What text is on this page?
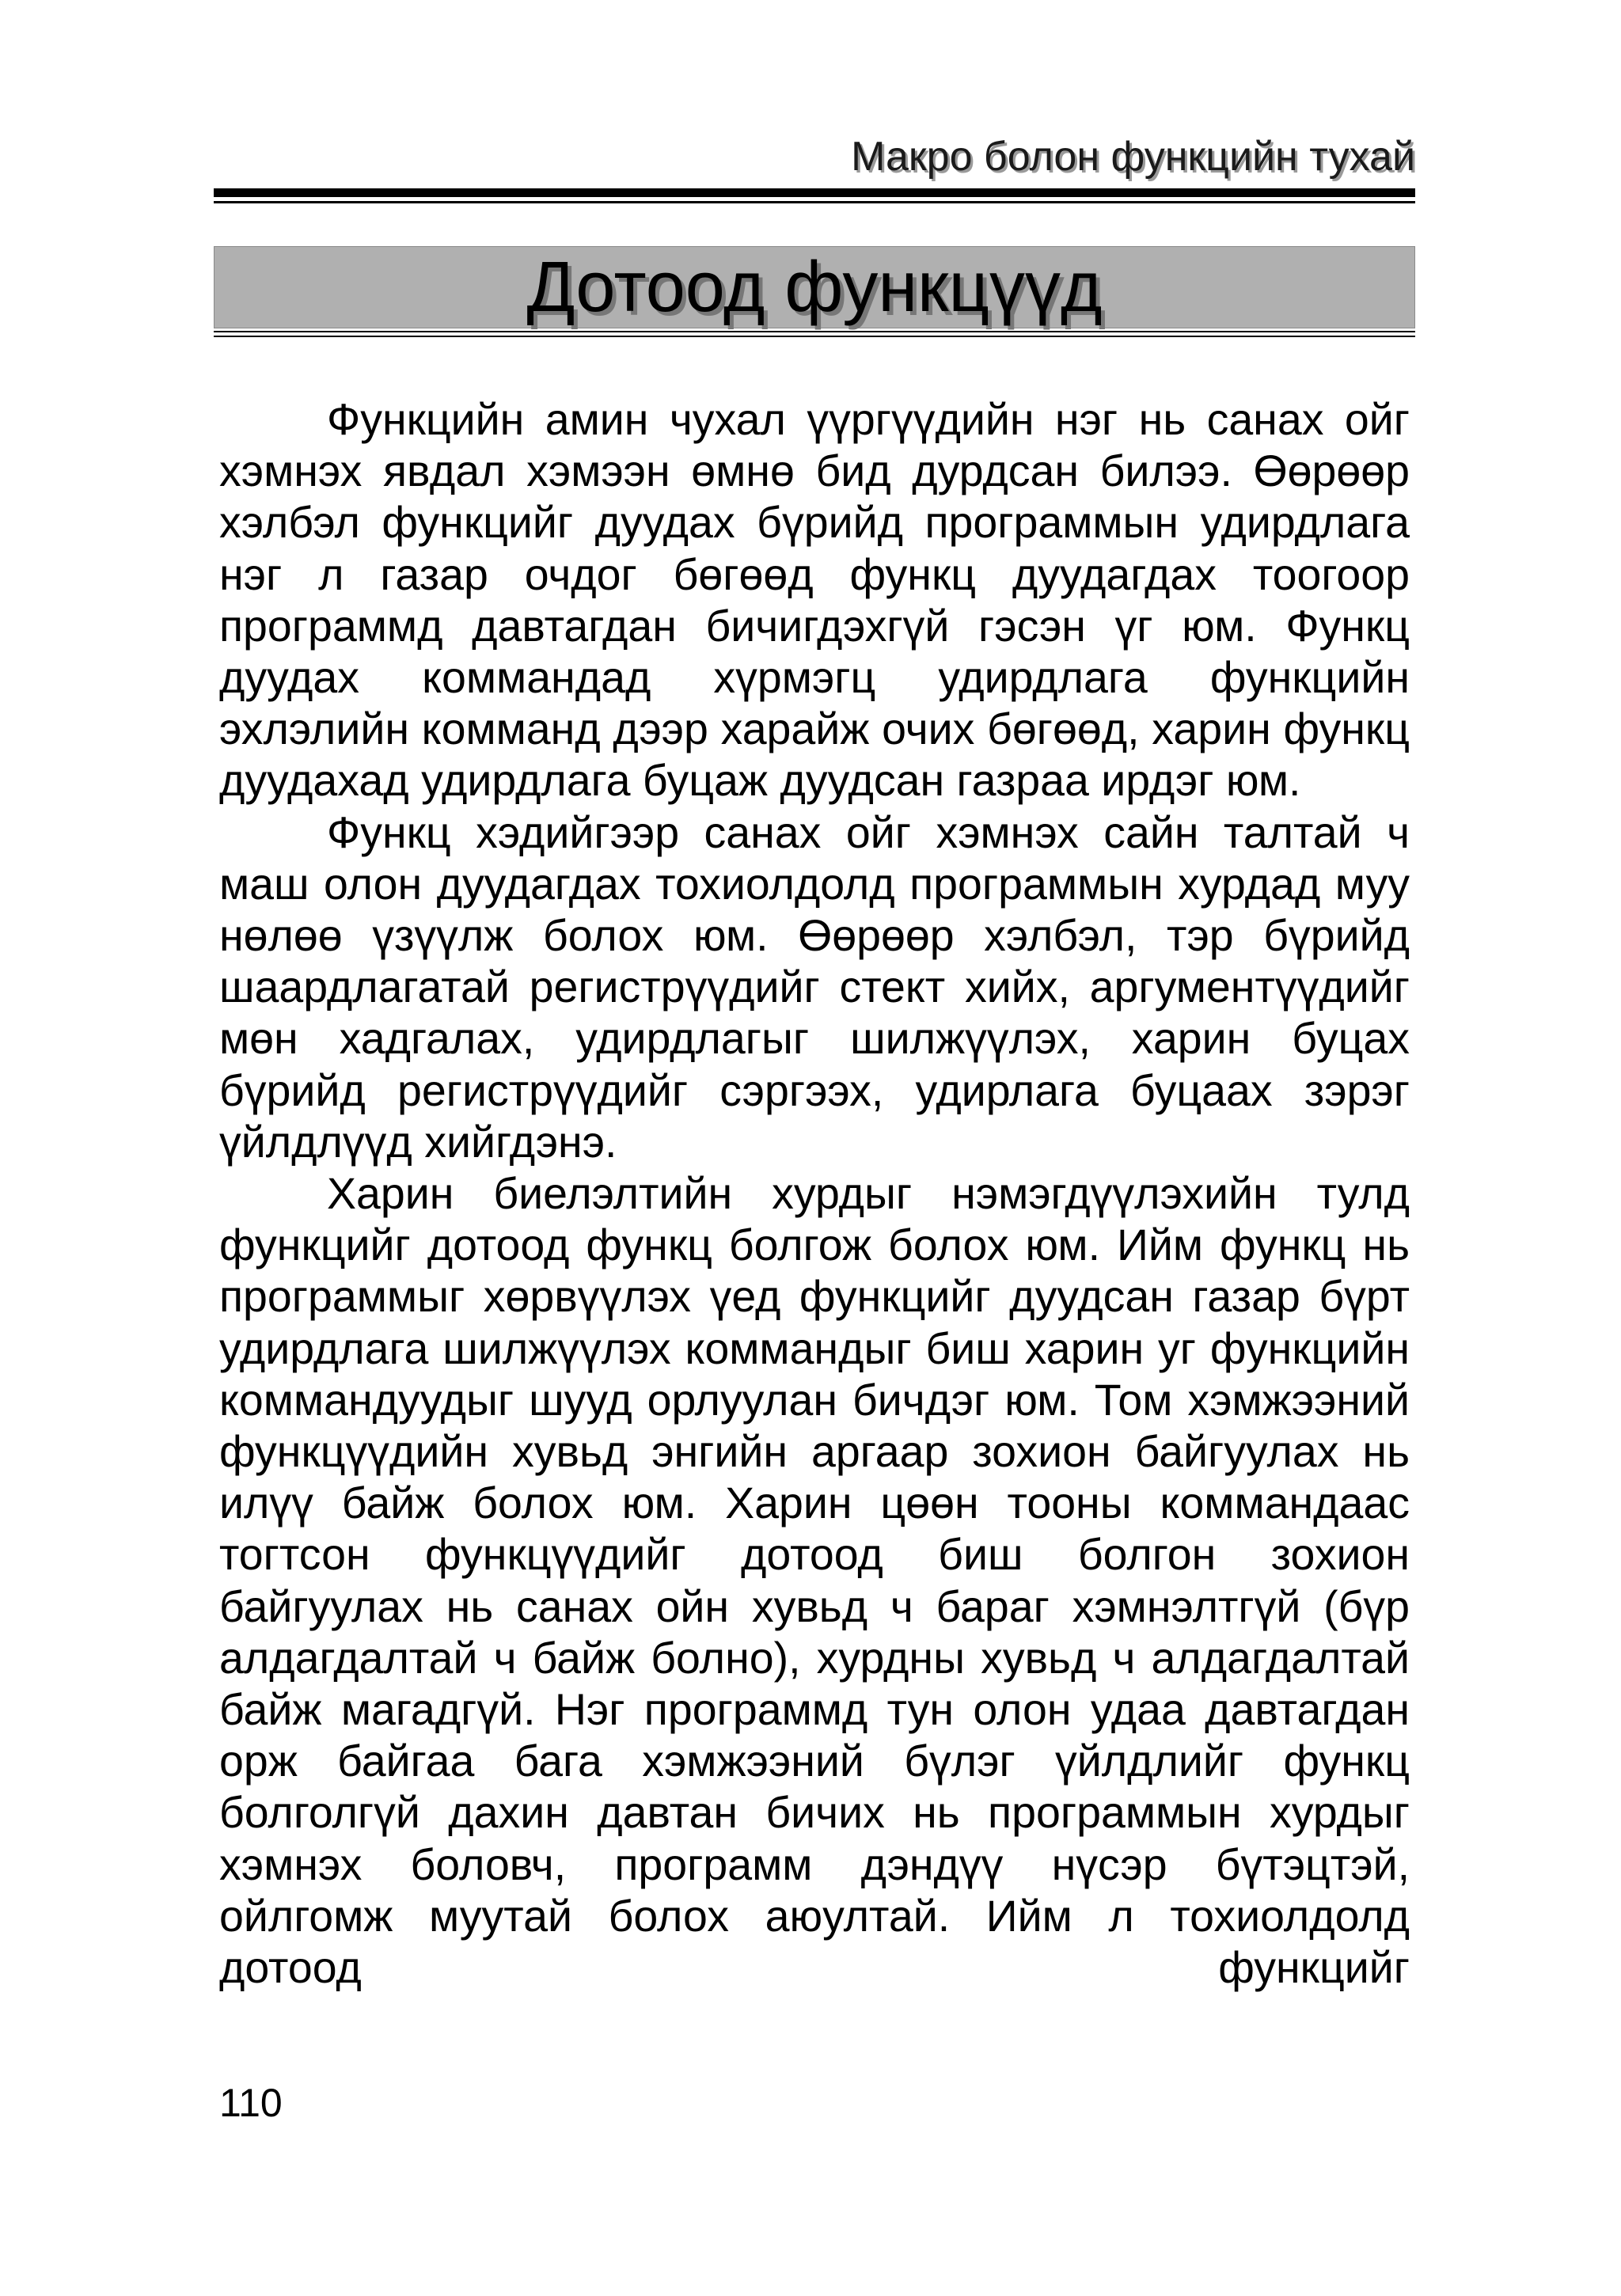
Макро болон функцийн тухай
Дотоод функцүүд

Функцийн амин чухал үүргүүдийн нэг нь санах ойг хэмнэх явдал хэмээн өмнө бид дурдсан билээ. Өөрөөр хэлбэл функцийг дуудах бүрийд программын удирдлага нэг л газар очдог бөгөөд функц дуудагдах тоогоор программд давтагдан бичигдэхгүй гэсэн үг юм. Функц дуудах коммандад хүрмэгц удирдлага функцийн эхлэлийн комманд дээр харайж очих бөгөөд, харин функц дуудахад удирдлага буцаж дуудсан газраа ирдэг юм.

Функц хэдийгээр санах ойг хэмнэх сайн талтай ч маш олон дуудагдах тохиолдолд программын хурдад муу нөлөө үзүүлж болох юм. Өөрөөр хэлбэл, тэр бүрийд шаардлагатай регистрүүдийг стект хийх, аргументүүдийг мөн хадгалах, удирдлагыг шилжүүлэх, харин буцах бүрийд регистрүүдийг сэргээх, удирлага буцаах зэрэг үйлдлүүд хийгдэнэ.

Харин биелэлтийн хурдыг нэмэгдүүлэхийн тулд функцийг дотоод функц болгож болох юм. Ийм функц нь программыг хөрвүүлэх үед функцийг дуудсан газар бүрт удирдлага шилжүүлэх коммандыг биш харин уг функцийн коммандуудыг шууд орлуулан бичдэг юм. Том хэмжээний функцүүдийн хувьд энгийн аргаар зохион байгуулах нь илүү байж болох юм. Харин цөөн тооны коммандаас тогтсон функцүүдийг дотоод биш болгон зохион байгуулах нь санах ойн хувьд ч бараг хэмнэлтгүй (бүр алдагдалтай ч байж болно), хурдны хувьд ч алдагдалтай байж магадгүй. Нэг программд тун олон удаа давтагдан орж байгаа бага хэмжээний бүлэг үйлдлийг функц болголгүй дахин давтан бичих нь программын хурдыг хэмнэх боловч, программ дэндүү нүсэр бүтэцтэй, ойлгомж муутай болох аюултай. Ийм л тохиолдолд дотоод функцийг

110
